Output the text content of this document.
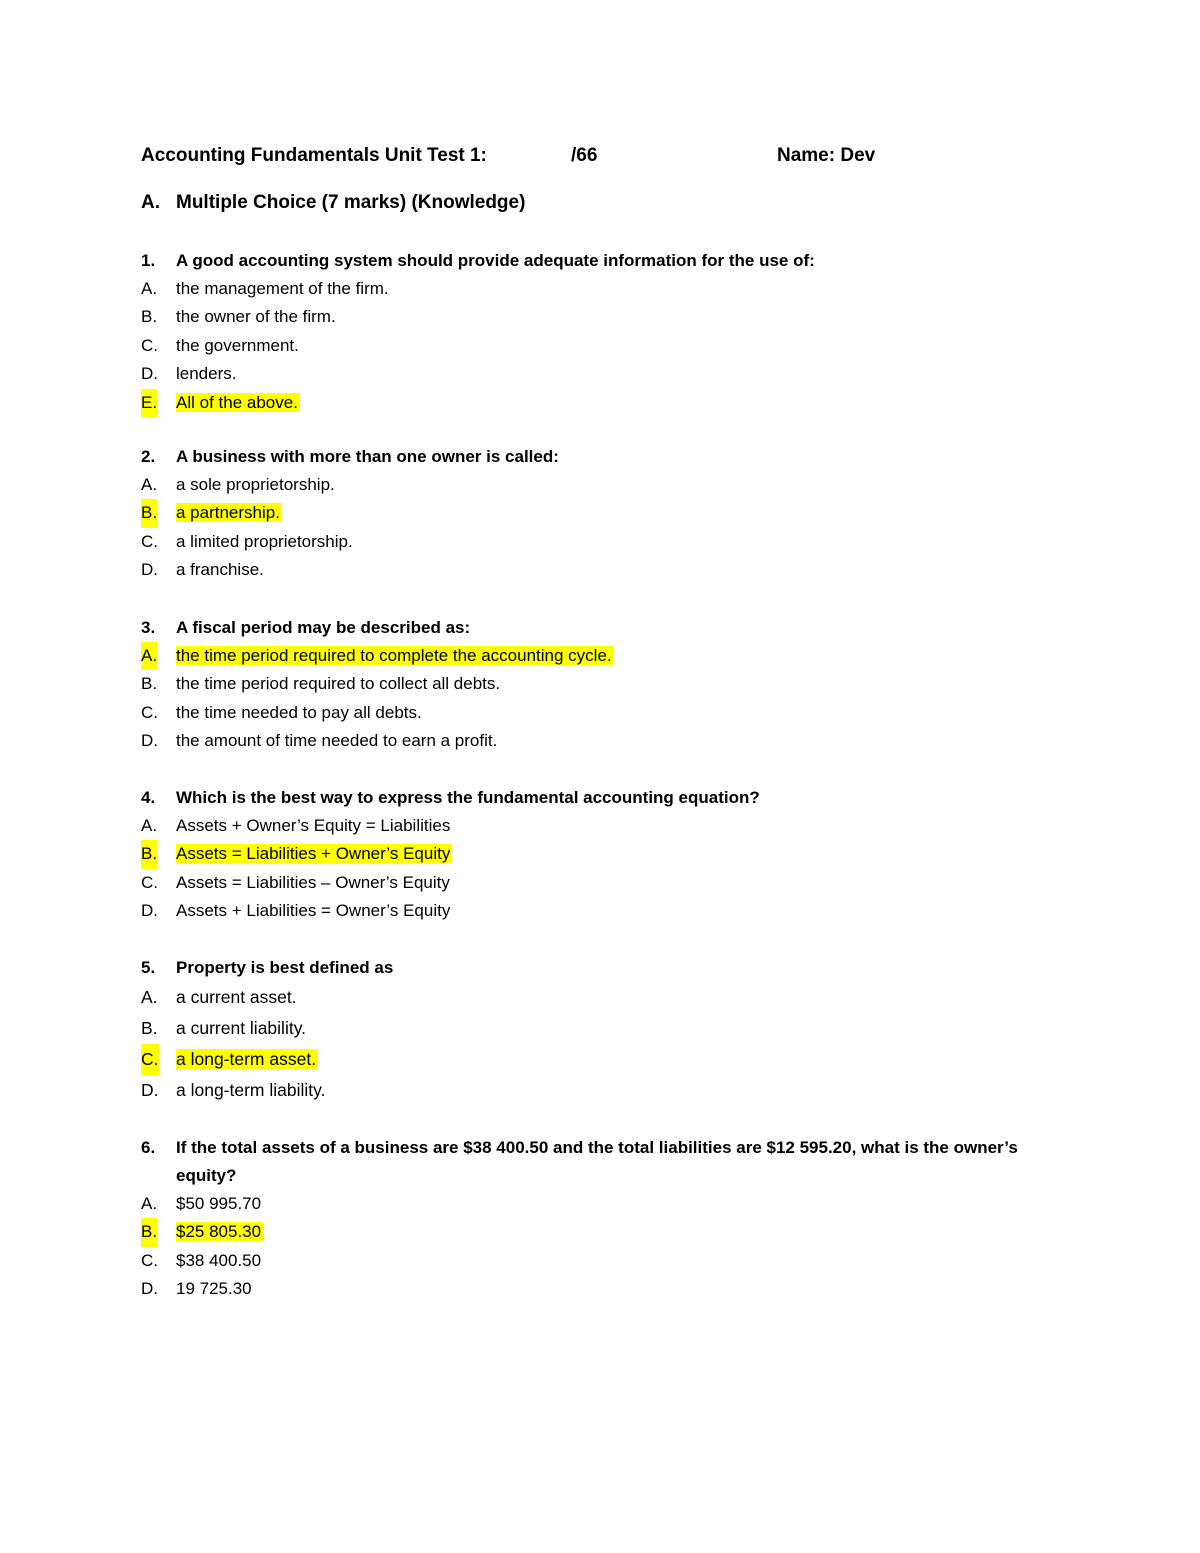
Accounting Fundamentals Unit Test 1:	/66	Name: Dev
A. Multiple Choice (7 marks) (Knowledge)
1. A good accounting system should provide adequate information for the use of:
A. the management of the firm.
B. the owner of the firm.
C. the government.
D. lenders.
E. All of the above.
2. A business with more than one owner is called:
A. a sole proprietorship.
B. a partnership.
C. a limited proprietorship.
D. a franchise.
3. A fiscal period may be described as:
A. the time period required to complete the accounting cycle.
B. the time period required to collect all debts.
C. the time needed to pay all debts.
D. the amount of time needed to earn a profit.
4. Which is the best way to express the fundamental accounting equation?
A. Assets + Owner’s Equity = Liabilities
B. Assets = Liabilities + Owner’s Equity
C. Assets = Liabilities – Owner’s Equity
D. Assets + Liabilities = Owner’s Equity
5. Property is best defined as
A. a current asset.
B. a current liability.
C. a long-term asset.
D. a long-term liability.
6. If the total assets of a business are $38 400.50 and the total liabilities are $12 595.20, what is the owner’s equity?
A. $50 995.70
B. $25 805.30
C. $38 400.50
D. 19 725.30
